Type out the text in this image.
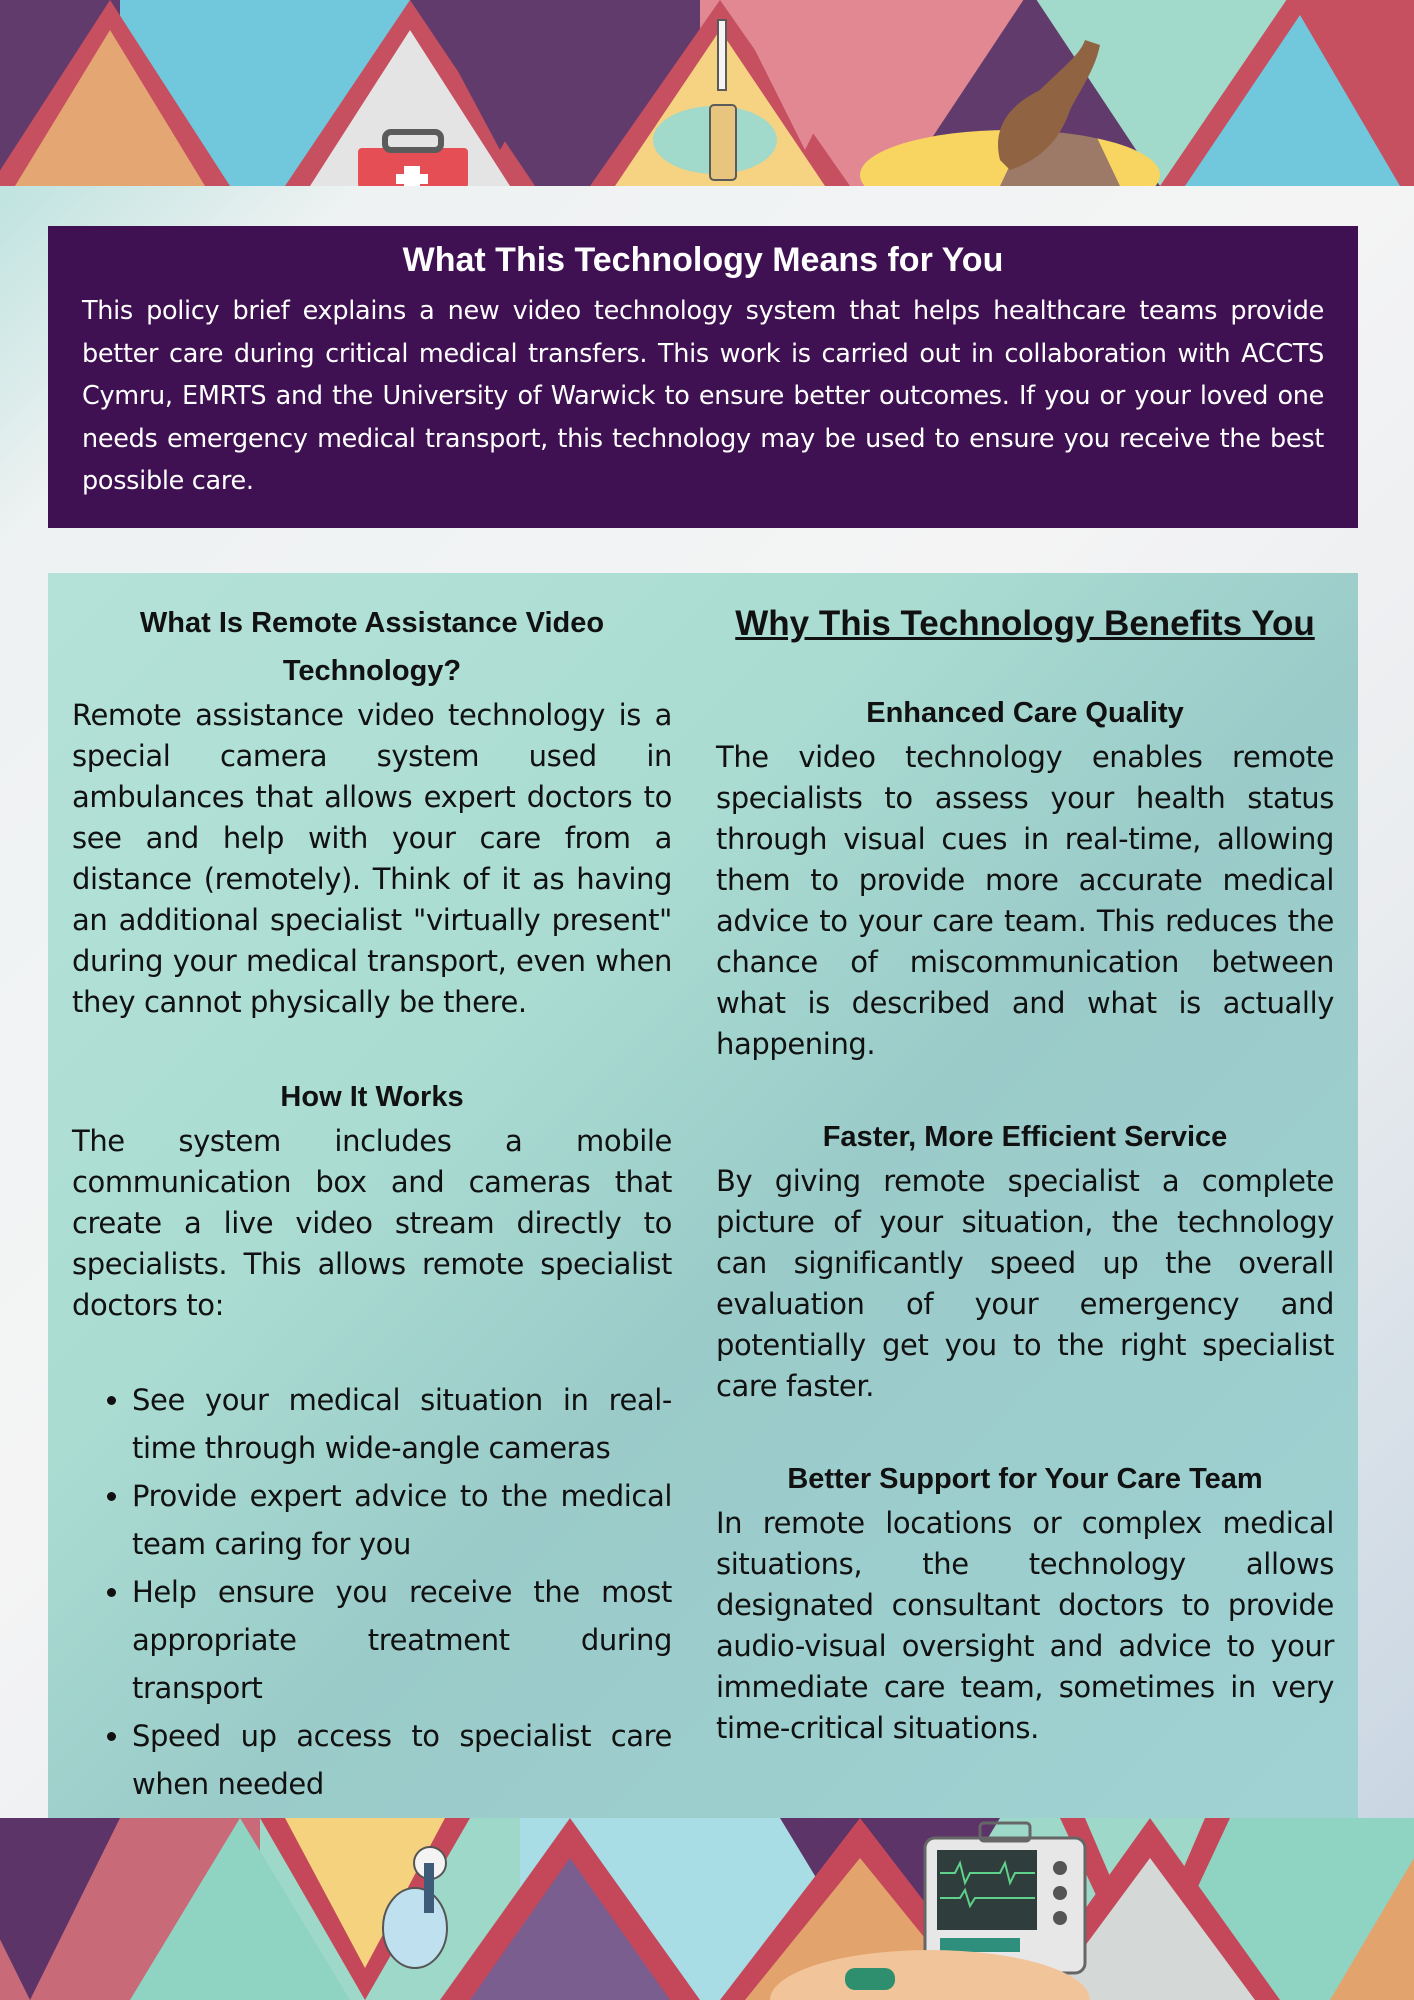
What This Technology Means for You

This policy brief explains a new video technology system that helps healthcare teams provide better care during critical medical transfers. This work is carried out in collaboration with ACCTS Cymru, EMRTS and the University of Warwick to ensure better outcomes. If you or your loved one needs emergency medical transport, this technology may be used to ensure you receive the best possible care.

What Is Remote Assistance Video Technology?

Remote assistance video technology is a special camera system used in ambulances that allows expert doctors to see and help with your care from a distance (remotely). Think of it as having an additional specialist "virtually present" during your medical transport, even when they cannot physically be there.

How It Works

The system includes a mobile communication box and cameras that create a live video stream directly to specialists. This allows remote specialist doctors to:

• See your medical situation in real-time through wide-angle cameras
• Provide expert advice to the medical team caring for you
• Help ensure you receive the most appropriate treatment during transport
• Speed up access to specialist care when needed
Why This Technology Benefits You
Enhanced Care Quality

The video technology enables remote specialists to assess your health status through visual cues in real-time, allowing them to provide more accurate medical advice to your care team. This reduces the chance of miscommunication between what is described and what is actually happening.

Faster, More Efficient Service

By giving remote specialist a complete picture of your situation, the technology can significantly speed up the overall evaluation of your emergency and potentially get you to the right specialist care faster.

Better Support for Your Care Team

In remote locations or complex medical situations, the technology allows designated consultant doctors to provide audio-visual oversight and advice to your immediate care team, sometimes in very time-critical situations.
